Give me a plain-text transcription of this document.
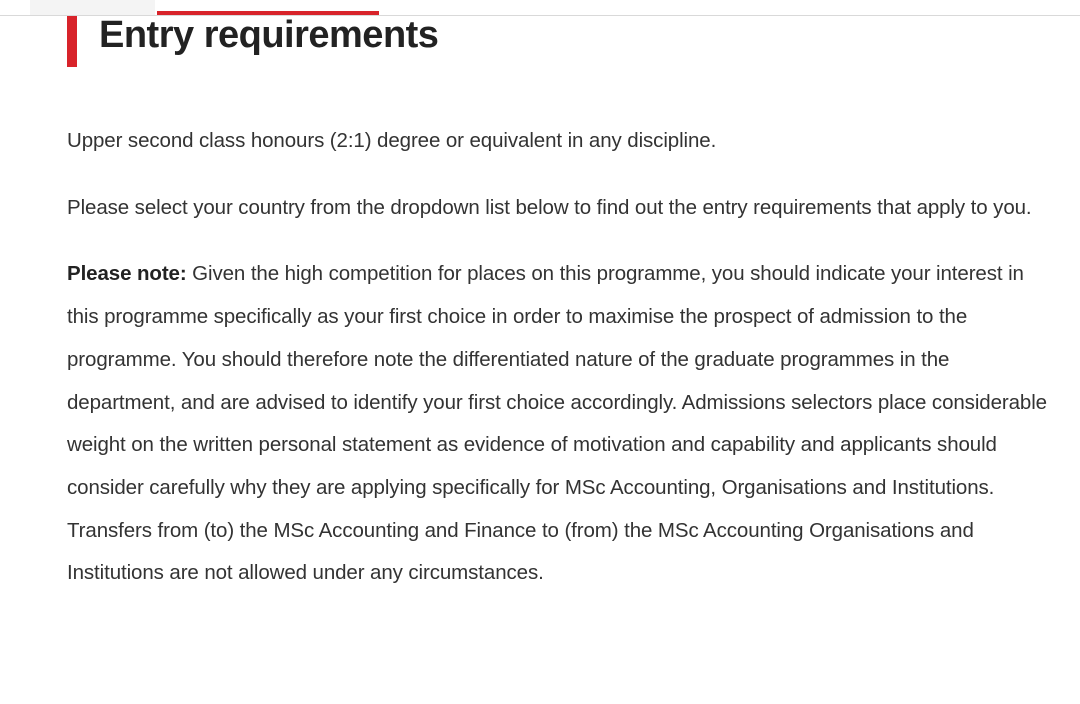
Entry requirements

Upper second class honours (2:1) degree or equivalent in any discipline.

Please select your country from the dropdown list below to find out the entry requirements that apply to you.

Please note: Given the high competition for places on this programme, you should indicate your interest in this programme specifically as your first choice in order to maximise the prospect of admission to the programme. You should therefore note the differentiated nature of the graduate programmes in the department, and are advised to identify your first choice accordingly. Admissions selectors place considerable weight on the written personal statement as evidence of motivation and capability and applicants should consider carefully why they are applying specifically for MSc Accounting, Organisations and Institutions. Transfers from (to) the MSc Accounting and Finance to (from) the MSc Accounting Organisations and Institutions are not allowed under any circumstances.
